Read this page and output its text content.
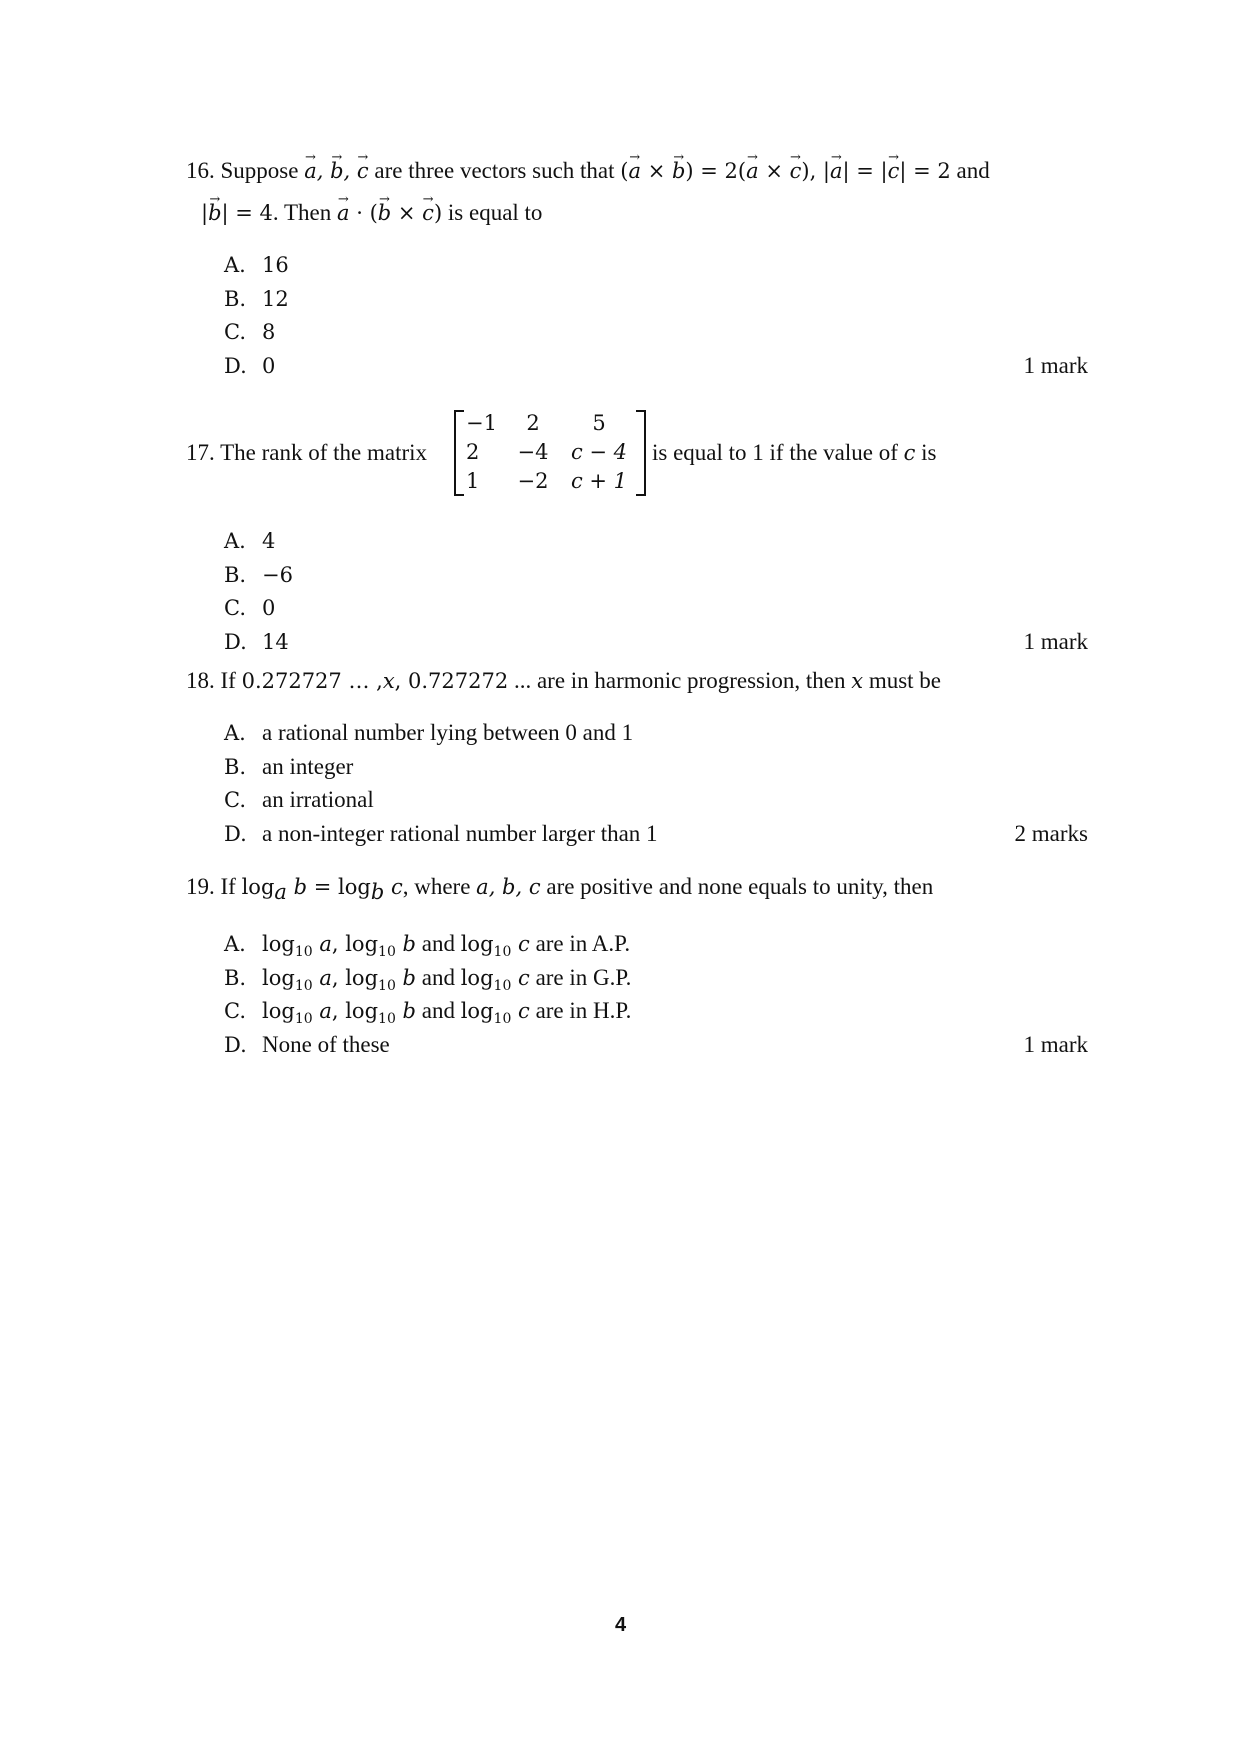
16. Suppose a →, b →, c → are three vectors such that (a → × b →) = 2(a → × c →), |a →| = |c →| = 2 and
|b →| = 4. Then a → · (b → × c →) is equal to
A. 16
B. 12
C. 8
D. 0	1 mark
17. The rank of the matrix
−1	2	5
2	−4	c − 4
1	−2	c + 1
is equal to 1 if the value of c is
A. 4
B. −6
C. 0
D. 14	1 mark
18. If 0.272727 … ,x, 0.727272 ... are in harmonic progression, then x must be
A. a rational number lying between 0 and 1
B. an integer
C. an irrational
D. a non-integer rational number larger than 1	2 marks
19. If $\log_a b = \log_b c$, where a, b, c are positive and none equals to unity, then
A. $\log_{10} a$, $\log_{10} b$ and $\log_{10} c$ are in A.P.
B. $\log_{10} a$, $\log_{10} b$ and $\log_{10} c$ are in G.P.
C. $\log_{10} a$, $\log_{10} b$ and $\log_{10} c$ are in H.P.
D. None of these	1 mark
4
